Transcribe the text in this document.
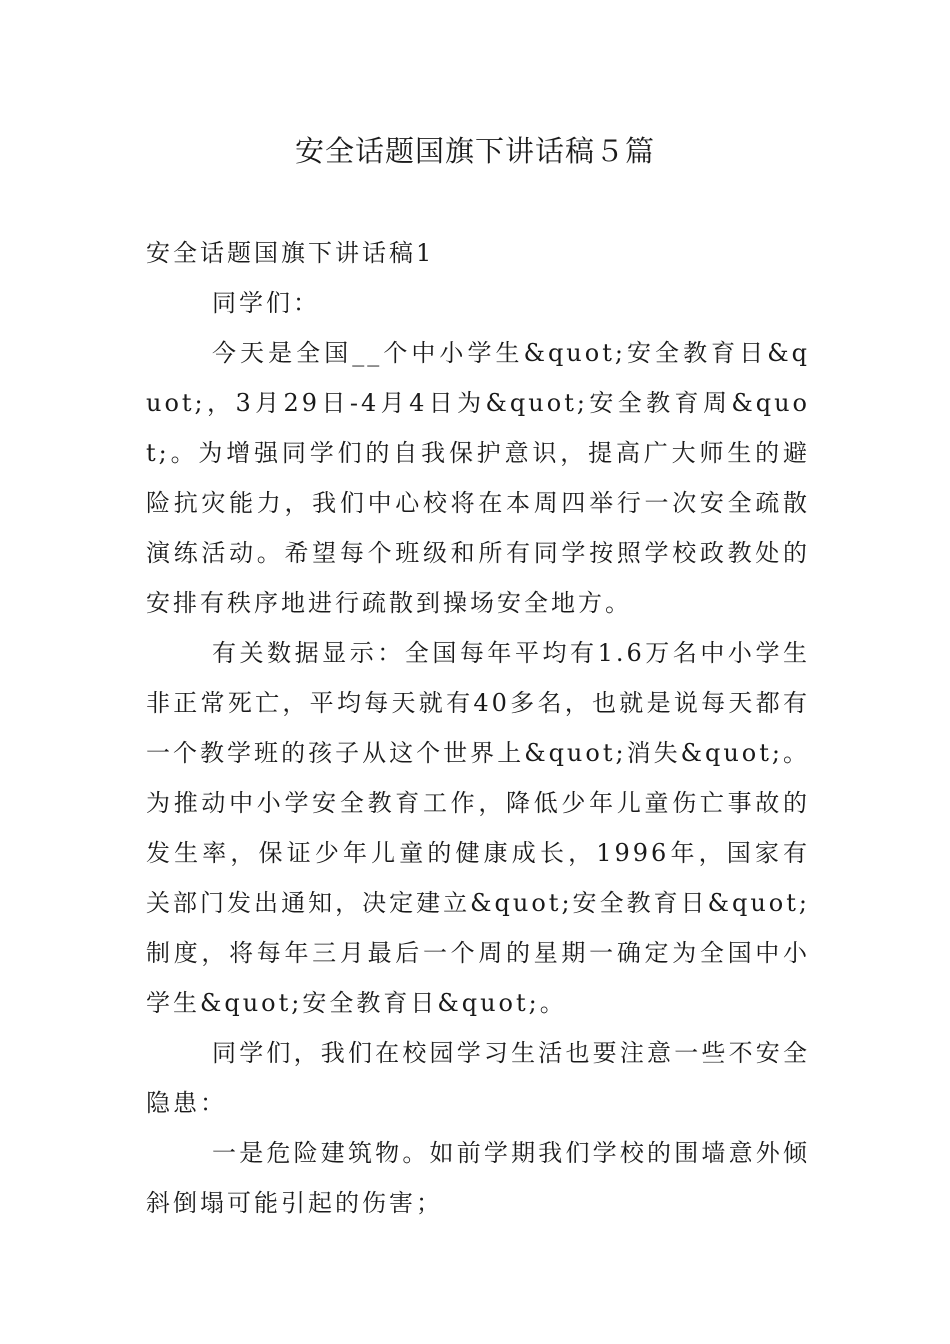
安全话题国旗下讲话稿５篇

安全话题国旗下讲话稿1

同学们：

今天是全国__个中小学生&quot;安全教育日&quot;，3月29日-4月4日为&quot;安全教育周&quot;。为增强同学们的自我保护意识，提高广大师生的避险抗灾能力，我们中心校将在本周四举行一次安全疏散演练活动。希望每个班级和所有同学按照学校政教处的安排有秩序地进行疏散到操场安全地方。

有关数据显示：全国每年平均有1.6万名中小学生非正常死亡，平均每天就有40多名，也就是说每天都有一个教学班的孩子从这个世界上&quot;消失&quot;。为推动中小学安全教育工作，降低少年儿童伤亡事故的发生率，保证少年儿童的健康成长，1996年，国家有关部门发出通知，决定建立&quot;安全教育日&quot;制度，将每年三月最后一个周的星期一确定为全国中小学生&quot;安全教育日&quot;。

同学们，我们在校园学习生活也要注意一些不安全隐患：

一是危险建筑物。如前学期我们学校的围墙意外倾斜倒塌可能引起的伤害；
